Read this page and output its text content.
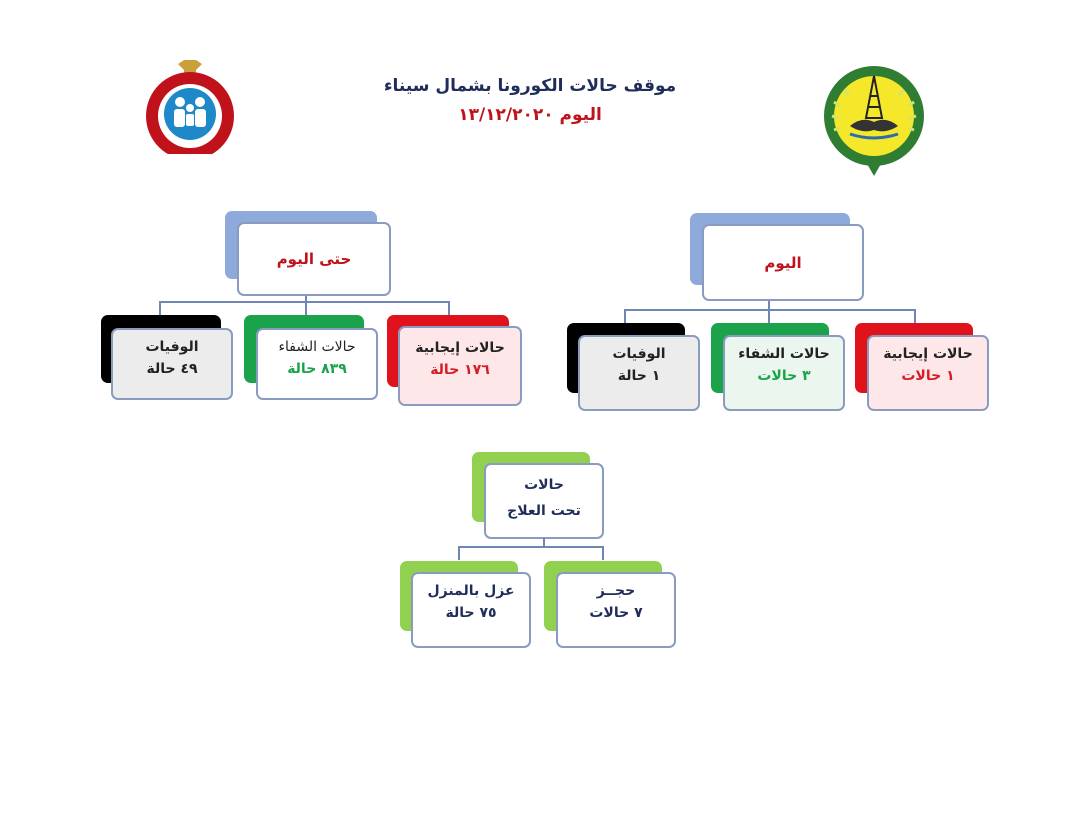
موقف حالات الكورونا بشمال سيناء
اليوم ١٣/١٢/٢٠٢٠
حتى اليوم
الوفيات
٤٩ حالة
حالات الشفاء
٨٣٩ حالة
حالات إيجابية
١٧٦ حالة
اليوم
الوفيات
١ حالة
حالات الشفاء
٣ حالات
حالات إيجابية
١ حالات
حالات
تحت العلاج
عزل بالمنزل
٧٥ حالة
حجــز
٧ حالات
